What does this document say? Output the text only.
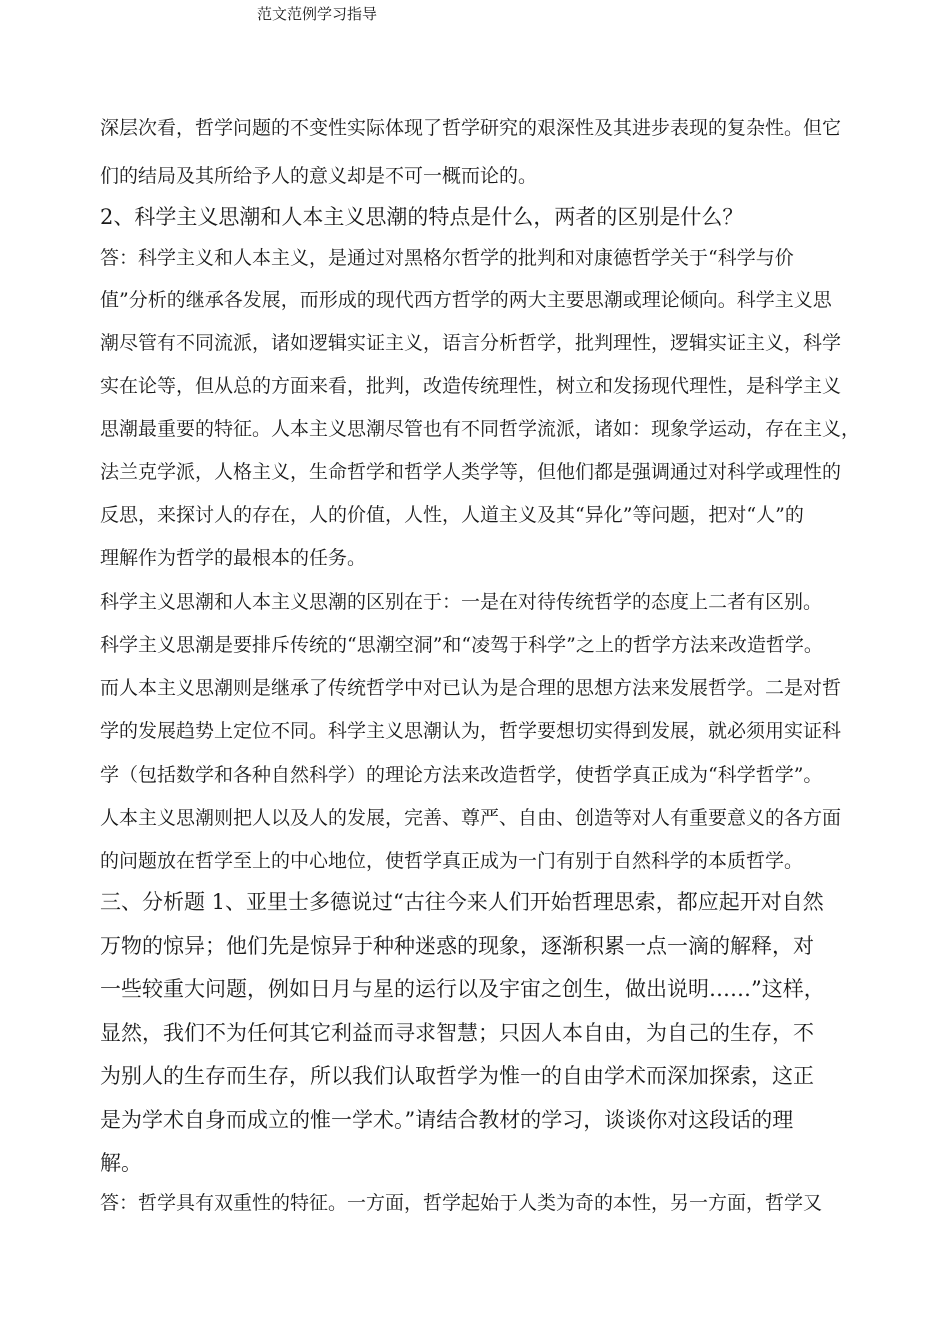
范文范例学习指导
深层次看，哲学问题的不变性实际体现了哲学研究的艰深性及其进步表现的复杂性。但它
们的结局及其所给予人的意义却是不可一概而论的。
2、科学主义思潮和人本主义思潮的特点是什么，两者的区别是什么？
答：科学主义和人本主义，是通过对黑格尔哲学的批判和对康德哲学关于“科学与价
值”分析的继承各发展，而形成的现代西方哲学的两大主要思潮或理论倾向。科学主义思
潮尽管有不同流派，诸如逻辑实证主义，语言分析哲学，批判理性，逻辑实证主义，科学
实在论等，但从总的方面来看，批判，改造传统理性，树立和发扬现代理性，是科学主义
思潮最重要的特征。人本主义思潮尽管也有不同哲学流派，诸如：现象学运动，存在主义，
法兰克学派，人格主义，生命哲学和哲学人类学等，但他们都是强调通过对科学或理性的
反思，来探讨人的存在，人的价值，人性，人道主义及其“异化”等问题，把对“人”的
理解作为哲学的最根本的任务。
科学主义思潮和人本主义思潮的区别在于：一是在对待传统哲学的态度上二者有区别。
科学主义思潮是要排斥传统的“思潮空洞”和“凌驾于科学”之上的哲学方法来改造哲学。
而人本主义思潮则是继承了传统哲学中对已认为是合理的思想方法来发展哲学。二是对哲
学的发展趋势上定位不同。科学主义思潮认为，哲学要想切实得到发展，就必须用实证科
学（包括数学和各种自然科学）的理论方法来改造哲学，使哲学真正成为“科学哲学”。
人本主义思潮则把人以及人的发展，完善、尊严、自由、创造等对人有重要意义的各方面
的问题放在哲学至上的中心地位，使哲学真正成为一门有别于自然科学的本质哲学。
三、分析题 1、亚里士多德说过“古往今来人们开始哲理思索，都应起开对自然
万物的惊异；他们先是惊异于种种迷惑的现象，逐渐积累一点一滴的解释，对
一些较重大问题，例如日月与星的运行以及宇宙之创生，做出说明……”这样，
显然，我们不为任何其它利益而寻求智慧；只因人本自由，为自己的生存，不
为别人的生存而生存，所以我们认取哲学为惟一的自由学术而深加探索，这正
是为学术自身而成立的惟一学术。”请结合教材的学习，谈谈你对这段话的理
解。
答：哲学具有双重性的特征。一方面，哲学起始于人类为奇的本性，另一方面，哲学又
